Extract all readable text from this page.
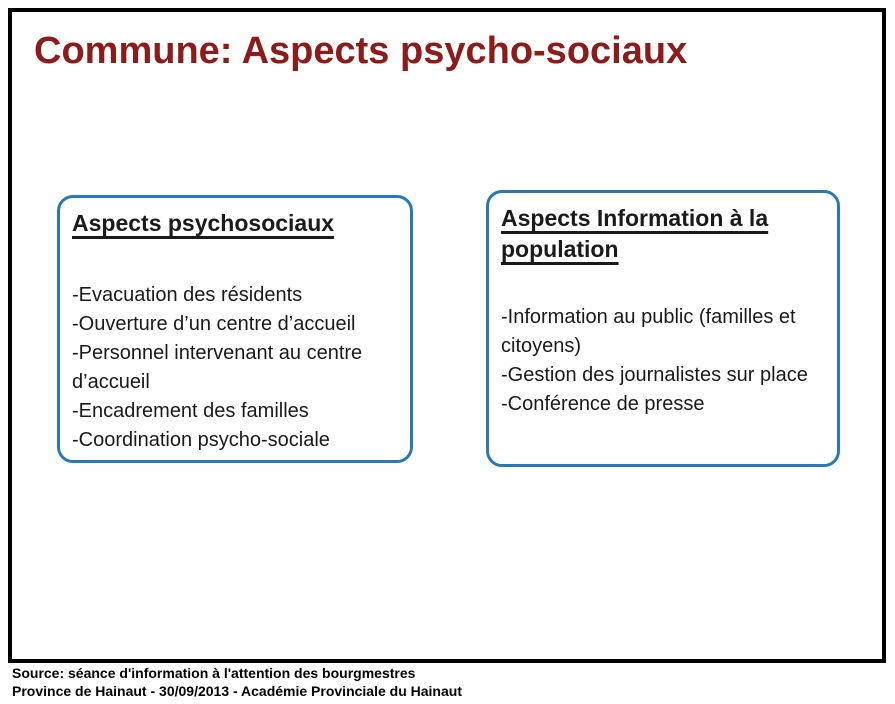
Commune: Aspects psycho-sociaux
Aspects psychosociaux
-Evacuation des résidents
-Ouverture d’un centre d’accueil
-Personnel intervenant au centre d’accueil
-Encadrement des familles
-Coordination psycho-sociale
Aspects Information à la population
-Information au public (familles et citoyens)
-Gestion des journalistes sur place
-Conférence de presse
Source: séance d'information à l'attention des bourgmestres
Province de Hainaut - 30/09/2013 - Académie Provinciale du Hainaut
